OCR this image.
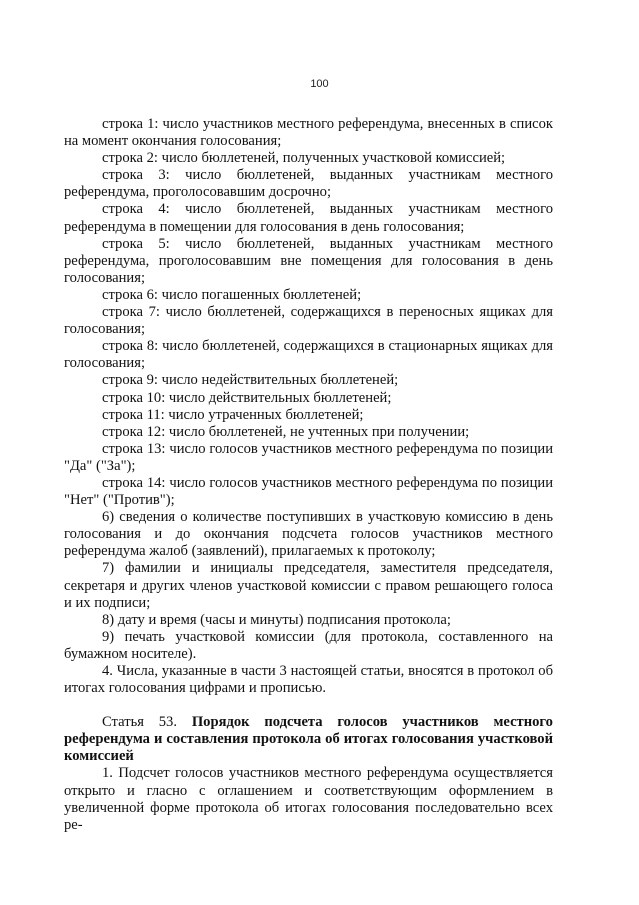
100

строка 1: число участников местного референдума, внесенных в список на момент окончания голосования;

строка 2: число бюллетеней, полученных участковой комиссией;

строка 3: число бюллетеней, выданных участникам местного референдума, проголосовавшим досрочно;

строка 4: число бюллетеней, выданных участникам местного референдума в помещении для голосования в день голосования;

строка 5: число бюллетеней, выданных участникам местного референдума, проголосовавшим вне помещения для голосования в день голосования;

строка 6: число погашенных бюллетеней;

строка 7: число бюллетеней, содержащихся в переносных ящиках для голосования;

строка 8: число бюллетеней, содержащихся в стационарных ящиках для голосования;

строка 9: число недействительных бюллетеней;

строка 10: число действительных бюллетеней;

строка 11: число утраченных бюллетеней;

строка 12: число бюллетеней, не учтенных при получении;

строка 13: число голосов участников местного референдума по позиции "Да" ("За");

строка 14: число голосов участников местного референдума по позиции "Нет" ("Против");

6) сведения о количестве поступивших в участковую комиссию в день голосования и до окончания подсчета голосов участников местного референдума жалоб (заявлений), прилагаемых к протоколу;

7) фамилии и инициалы председателя, заместителя председателя, секретаря и других членов участковой комиссии с правом решающего голоса и их подписи;

8) дату и время (часы и минуты) подписания протокола;

9) печать участковой комиссии (для протокола, составленного на бумажном носителе).

4. Числа, указанные в части 3 настоящей статьи, вносятся в протокол об итогах голосования цифрами и прописью.

Статья 53. Порядок подсчета голосов участников местного референдума и составления протокола об итогах голосования участковой комиссией

1. Подсчет голосов участников местного референдума осуществляется открыто и гласно с оглашением и соответствующим оформлением в увеличенной форме протокола об итогах голосования последовательно всех ре-
